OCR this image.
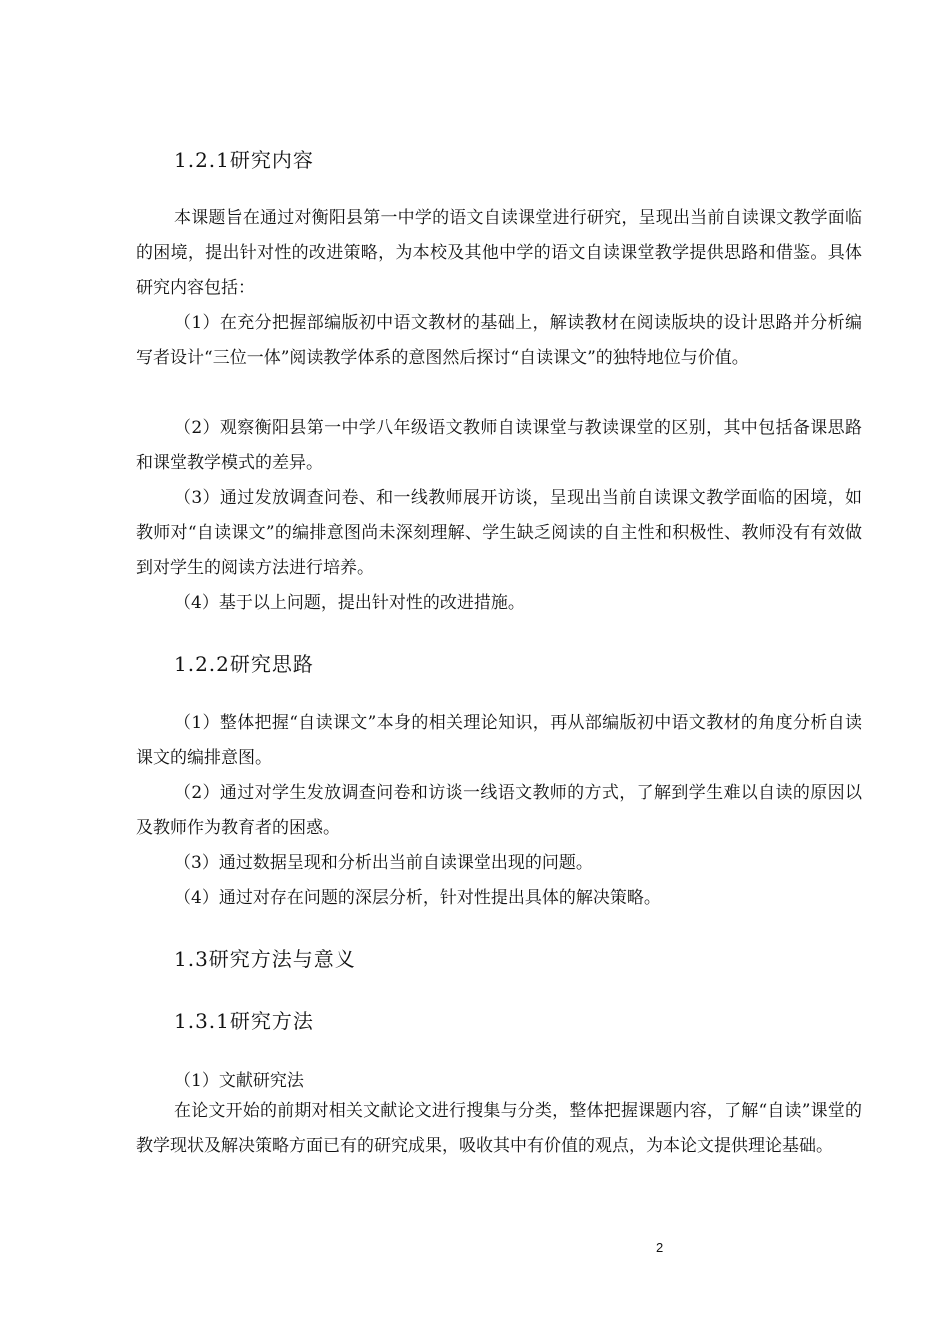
1.2.1研究内容
本课题旨在通过对衡阳县第一中学的语文自读课堂进行研究，呈现出当前自读课文教学面临的困境，提出针对性的改进策略，为本校及其他中学的语文自读课堂教学提供思路和借鉴。具体研究内容包括：
（1）在充分把握部编版初中语文教材的基础上，解读教材在阅读版块的设计思路并分析编写者设计“三位一体”阅读教学体系的意图然后探讨“自读课文”的独特地位与价值。
（2）观察衡阳县第一中学八年级语文教师自读课堂与教读课堂的区别，其中包括备课思路和课堂教学模式的差异。
（3）通过发放调查问卷、和一线教师展开访谈，呈现出当前自读课文教学面临的困境，如教师对“自读课文”的编排意图尚未深刻理解、学生缺乏阅读的自主性和积极性、教师没有有效做到对学生的阅读方法进行培养。
（4）基于以上问题，提出针对性的改进措施。
1.2.2研究思路
（1）整体把握“自读课文”本身的相关理论知识，再从部编版初中语文教材的角度分析自读课文的编排意图。
（2）通过对学生发放调查问卷和访谈一线语文教师的方式，了解到学生难以自读的原因以及教师作为教育者的困惑。
（3）通过数据呈现和分析出当前自读课堂出现的问题。
（4）通过对存在问题的深层分析，针对性提出具体的解决策略。
1.3研究方法与意义
1.3.1研究方法
（1）文献研究法
在论文开始的前期对相关文献论文进行搜集与分类，整体把握课题内容，了解“自读”课堂的教学现状及解决策略方面已有的研究成果，吸收其中有价值的观点，为本论文提供理论基础。
2
